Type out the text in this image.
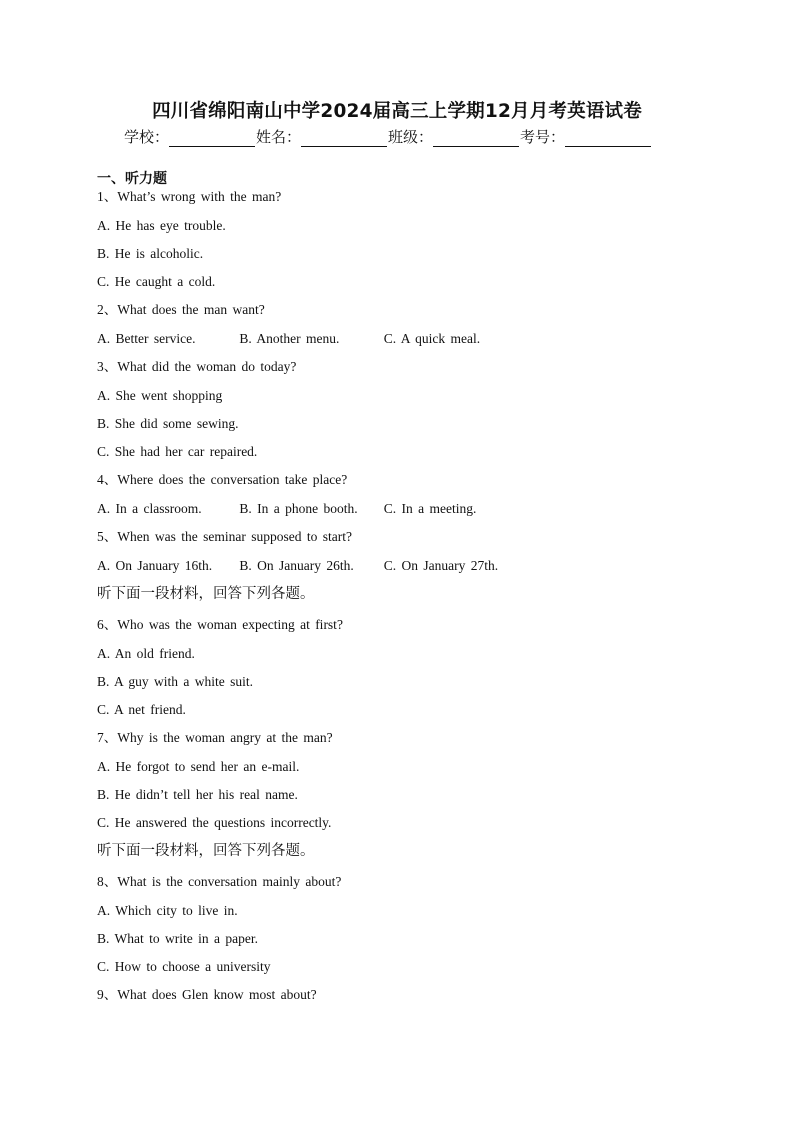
四川省绵阳南山中学2024届高三上学期12月月考英语试卷
学校：	姓名：	班级：	考号：
一、听力题
1、What’s wrong with the man?
A. He has eye trouble.
B. He is alcoholic.
C. He caught a cold.
2、What does the man want?
A. Better service.	B. Another menu.	C. A quick meal.
3、What did the woman do today?
A. She went shopping
B. She did some sewing.
C. She had her car repaired.
4、Where does the conversation take place?
A. In a classroom.	B. In a phone booth. C. In a meeting.
5、When was the seminar supposed to start?
A. On January 16th. B. On January 26th. C. On January 27th.
听下面一段材料，回答下列各题。
6、Who was the woman expecting at first?
A. An old friend.
B. A guy with a white suit.
C. A net friend.
7、Why is the woman angry at the man?
A. He forgot to send her an e-mail.
B. He didn’t tell her his real name.
C. He answered the questions incorrectly.
听下面一段材料，回答下列各题。
8、What is the conversation mainly about?
A. Which city to live in.
B. What to write in a paper.
C. How to choose a university
9、What does Glen know most about?
